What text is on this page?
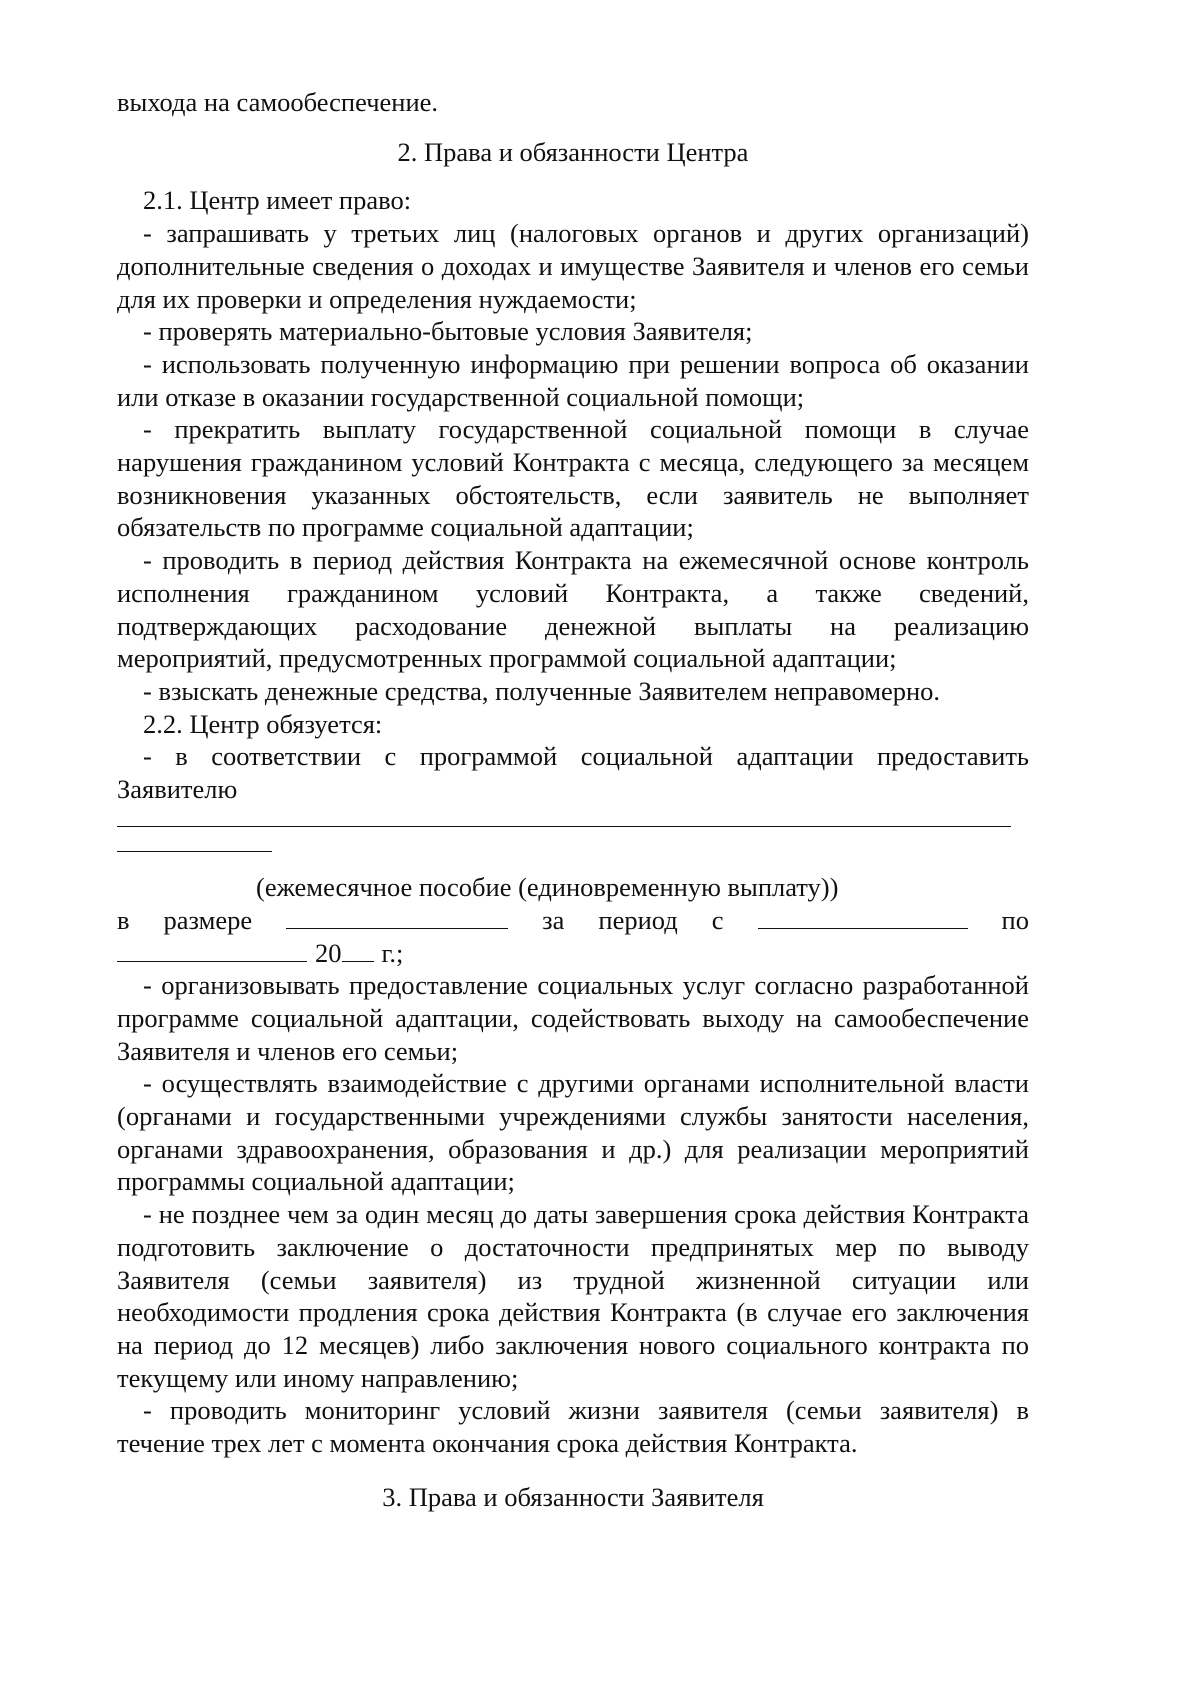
выхода на самообеспечение.

2. Права и обязанности Центра

2.1. Центр имеет право:

- запрашивать у третьих лиц (налоговых органов и других организаций) дополнительные сведения о доходах и имуществе Заявителя и членов его семьи для их проверки и определения нуждаемости;

- проверять материально-бытовые условия Заявителя;

- использовать полученную информацию при решении вопроса об оказании или отказе в оказании государственной социальной помощи;

- прекратить выплату государственной социальной помощи в случае нарушения гражданином условий Контракта с месяца, следующего за месяцем возникновения указанных обстоятельств, если заявитель не выполняет обязательств по программе социальной адаптации;

- проводить в период действия Контракта на ежемесячной основе контроль исполнения гражданином условий Контракта, а также сведений, подтверждающих расходование денежной выплаты на реализацию мероприятий, предусмотренных программой социальной адаптации;

- взыскать денежные средства, полученные Заявителем неправомерно.

2.2. Центр обязуется:

- в соответствии с программой социальной адаптации предоставить Заявителю

(ежемесячное пособие (единовременную выплату))

в размере	за период с	по
20 г.;

- организовывать предоставление социальных услуг согласно разработанной программе социальной адаптации, содействовать выходу на самообеспечение Заявителя и членов его семьи;

- осуществлять взаимодействие с другими органами исполнительной власти (органами и государственными учреждениями службы занятости населения, органами здравоохранения, образования и др.) для реализации мероприятий программы социальной адаптации;

- не позднее чем за один месяц до даты завершения срока действия Контракта подготовить заключение о достаточности предпринятых мер по выводу Заявителя (семьи заявителя) из трудной жизненной ситуации или необходимости продления срока действия Контракта (в случае его заключения на период до 12 месяцев) либо заключения нового социального контракта по текущему или иному направлению;

- проводить мониторинг условий жизни заявителя (семьи заявителя) в течение трех лет с момента окончания срока действия Контракта.

3. Права и обязанности Заявителя
